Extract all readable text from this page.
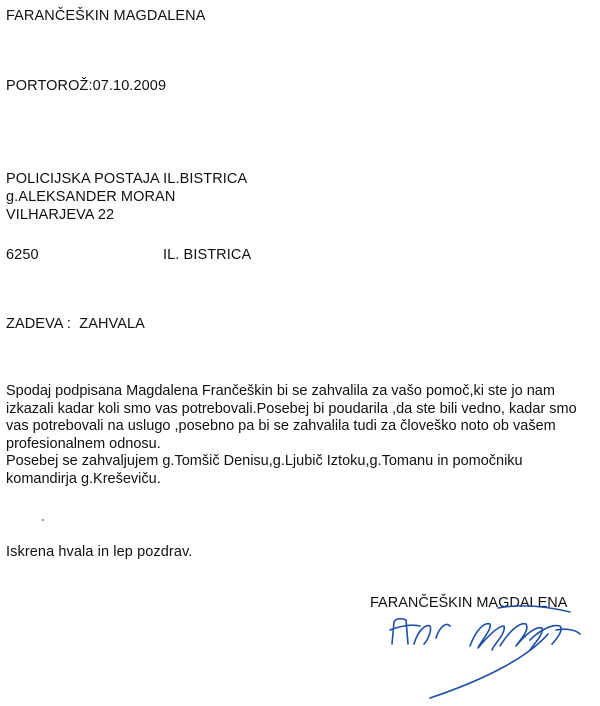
FARANČEŠKIN MAGDALENA
PORTOROŽ:07.10.2009
POLICIJSKA POSTAJA IL.BISTRICA
g.ALEKSANDER MORAN
VILHARJEVA 22
6250	IL. BISTRICA
ZADEVA :  ZAHVALA

Spodaj podpisana Magdalena Frančeškin bi se zahvalila za vašo pomoč,ki ste jo nam izkazali kadar koli smo vas potrebovali.Posebej bi poudarila ,da ste bili vedno, kadar smo vas potrebovali na uslugo ,posebno pa bi se zahvalila tudi za človeško noto ob vašem profesionalnem odnosu.

Posebej se zahvaljujem g.Tomšič Denisu,g.Ljubič Iztoku,g.Tomanu in pomočniku komandirja g.Kreševiču.

Iskrena hvala in lep pozdrav.
FARANČEŠKIN MAGDALENA
